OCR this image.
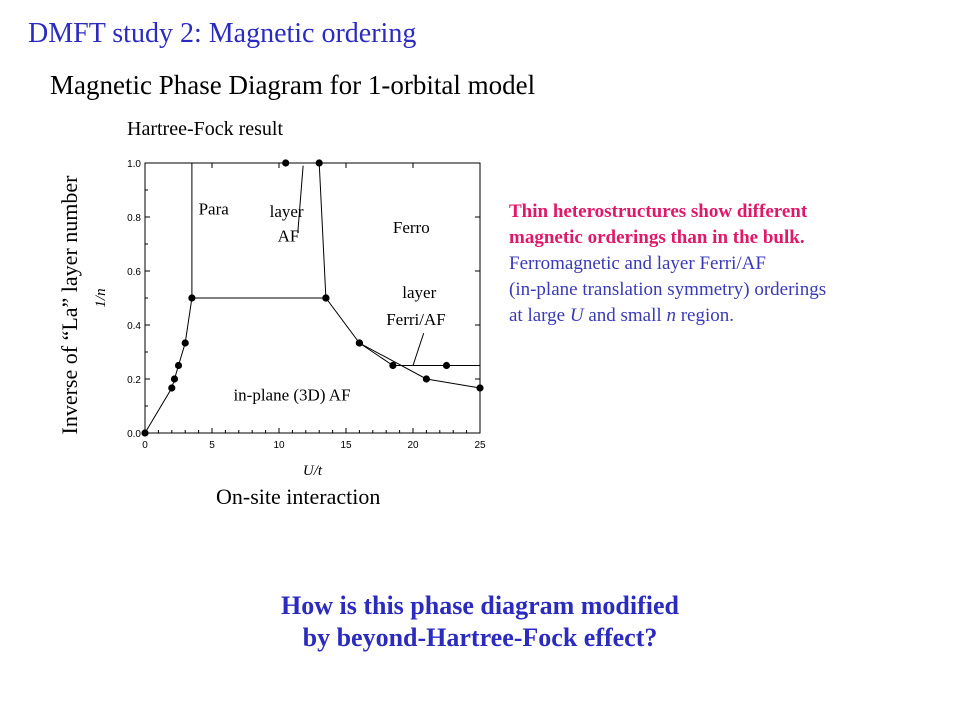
DMFT study 2: Magnetic ordering
Magnetic Phase Diagram for 1-orbital model
Hartree-Fock result
Inverse of “La” layer number
On-site interaction
0	5	10	15	20	25
0.0
0.2
0.4
0.6
0.8
1.0
U/t
1/n
Para layer
AF	Ferro
layer
Ferri/AF
in-plane (3D) AF
Thin heterostructures show different
magnetic orderings than in the bulk.
Ferromagnetic and layer Ferri/AF
(in-plane translation symmetry) orderings
at large U and small n region.
How is this phase diagram modified
by beyond-Hartree-Fock effect?
